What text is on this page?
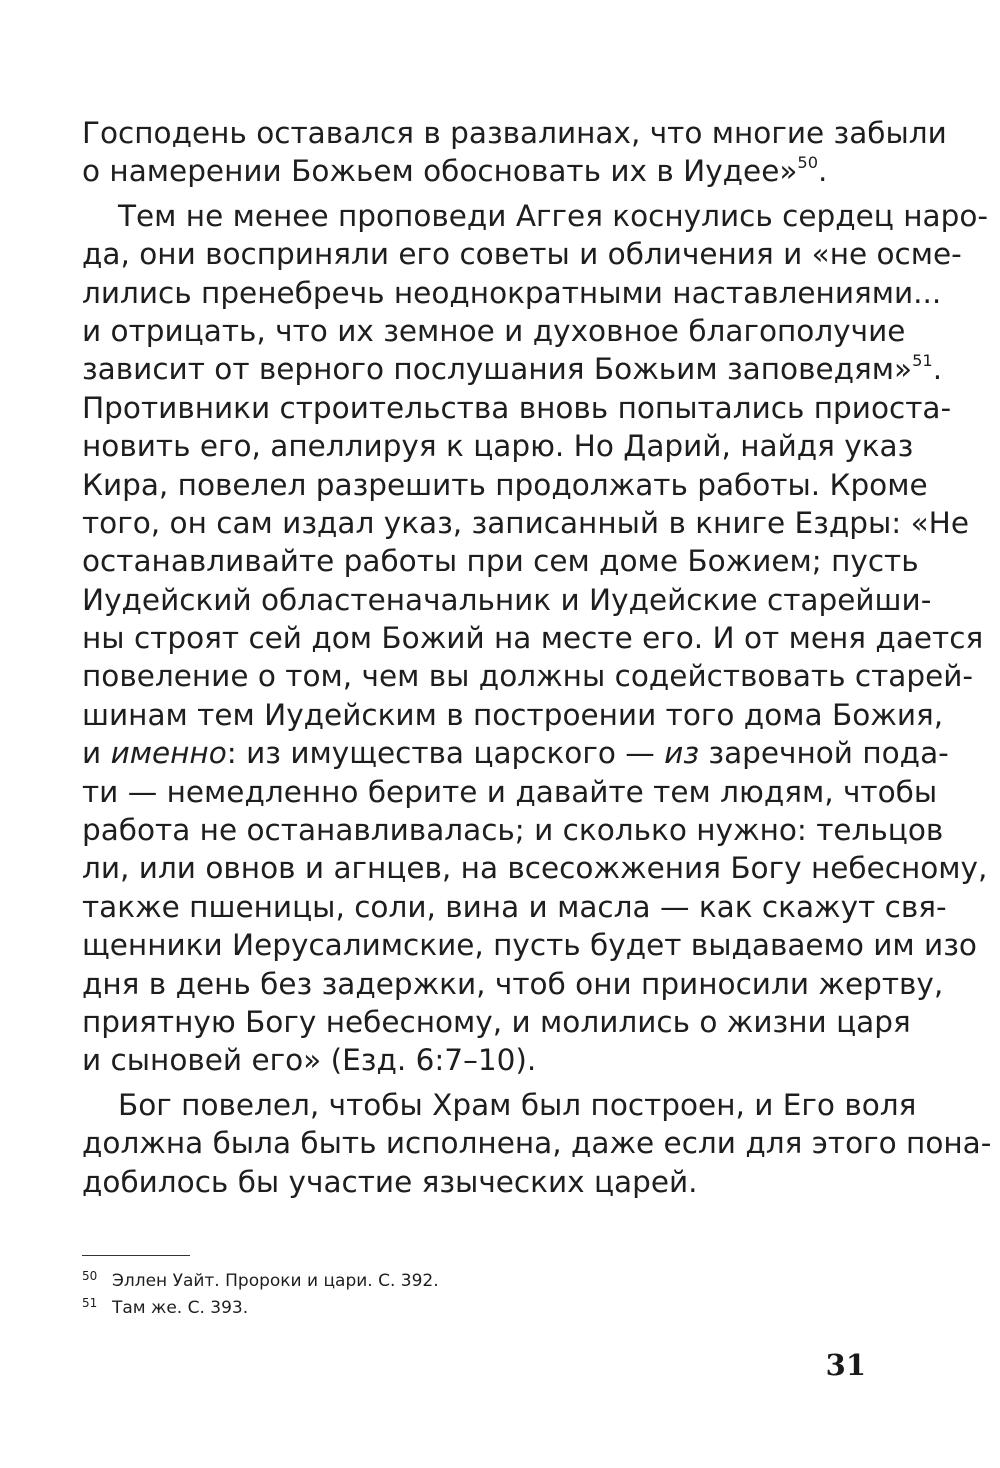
Господень оставался в развалинах, что многие забыли
о намерении Божьем обосновать их в Иудее»$^{50}$.
Тем не менее проповеди Аггея коснулись сердец наро-
да, они восприняли его советы и обличения и «не осме-
лились пренебречь неоднократными наставлениями...
и отрицать, что их земное и духовное благополучие
зависит от верного послушания Божьим заповедям»$^{51}$.
Противники строительства вновь попытались приоста-
новить его, апеллируя к царю. Но Дарий, найдя указ
Кира, повелел разрешить продолжать работы. Кроме
того, он сам издал указ, записанный в книге Ездры: «Не
останавливайте работы при сем доме Божием; пусть
Иудейский областеначальник и Иудейские старейши-
ны строят сей дом Божий на месте его. И от меня дается
повеление о том, чем вы должны содействовать старей-
шинам тем Иудейским в построении того дома Божия,
и именно: из имущества царского — из заречной пода-
ти — немедленно берите и давайте тем людям, чтобы
работа не останавливалась; и сколько нужно: тельцов
ли, или овнов и агнцев, на всесожжения Богу небесному,
также пшеницы, соли, вина и масла — как скажут свя-
щенники Иерусалимские, пусть будет выдаваемо им изо
дня в день без задержки, чтоб они приносили жертву,
приятную Богу небесному, и молились о жизни царя
и сыновей его» (Езд. 6:7–10).
Бог повелел, чтобы Храм был построен, и Его воля
должна была быть исполнена, даже если для этого пона-
добилось бы участие языческих царей.
50 Эллен Уайт. Пророки и цари. С. 392.
51 Там же. С. 393.
31
